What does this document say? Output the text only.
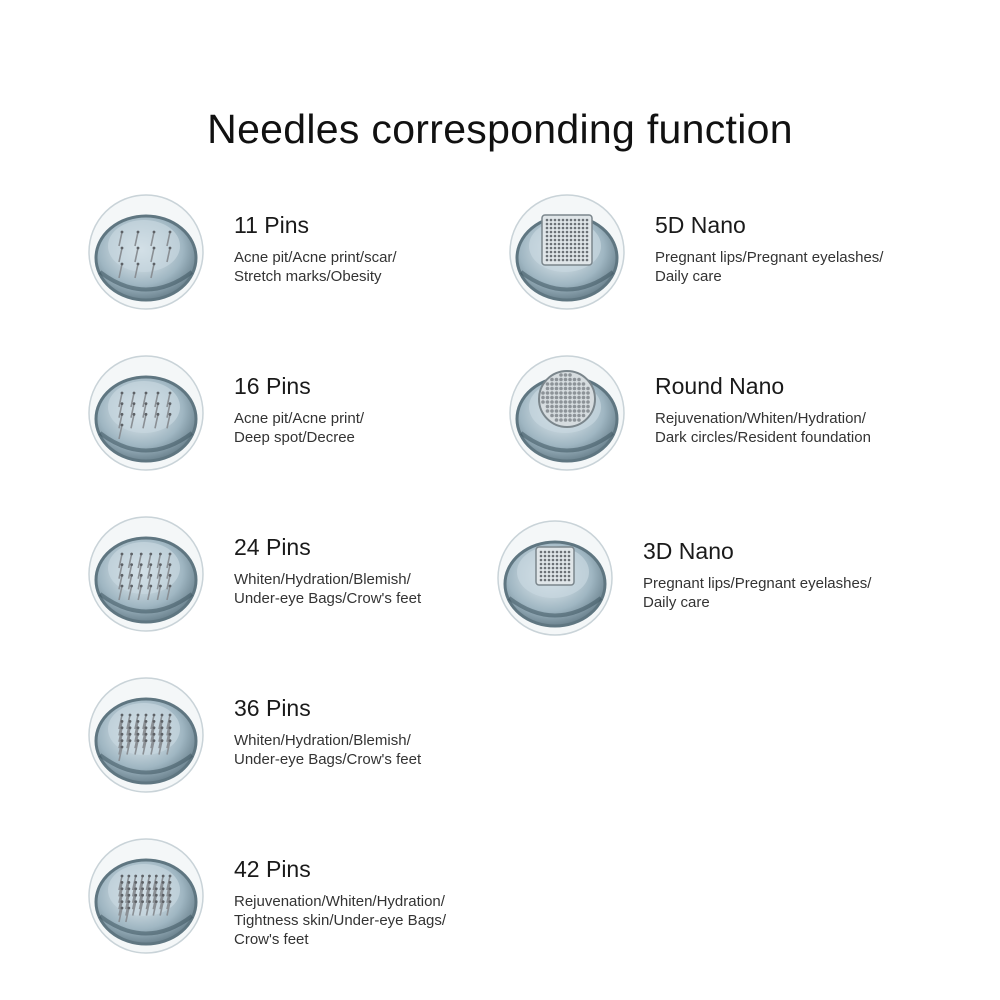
Needles corresponding function
11 Pins
Acne pit/Acne print/scar/
Stretch marks/Obesity
16 Pins
Acne pit/Acne print/
Deep spot/Decree
24 Pins
Whiten/Hydration/Blemish/
Under-eye Bags/Crow's feet
36 Pins
Whiten/Hydration/Blemish/
Under-eye Bags/Crow's feet
42 Pins
Rejuvenation/Whiten/Hydration/
Tightness skin/Under-eye Bags/
Crow's feet
5D Nano
Pregnant lips/Pregnant eyelashes/
Daily care
Round Nano
Rejuvenation/Whiten/Hydration/
Dark circles/Resident foundation
3D Nano
Pregnant lips/Pregnant eyelashes/
Daily care
